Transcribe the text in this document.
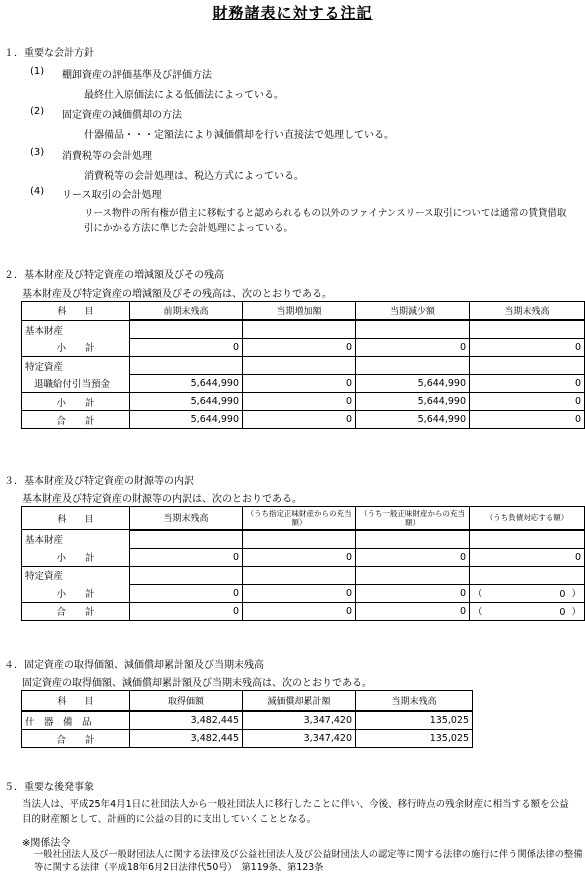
財務諸表に対する注記
１．重要な会計方針
(1) 棚卸資産の評価基準及び評価方法
最終仕入原価法による低価法によっている。
(2) 固定資産の減価償却の方法
什器備品・・・定額法により減価償却を行い直接法で処理している。
(3) 消費税等の会計処理
消費税等の会計処理は、税込方式によっている。
(4) リース取引の会計処理
リース物件の所有権が借主に移転すると認められるもの以外のファイナンスリース取引については通常の賃貸借取引にかかる方法に準じた会計処理によっている。
２．基本財産及び特定資産の増減額及びその残高
基本財産及び特定資産の増減額及びその残高は、次のとおりである。
科　　目	前期末残高	当期増加額	当期減少額	当期末残高
基本財産				
小　　計	0	0	0	0
特定資産				
退職給付引当預金	5,644,990	0	5,644,990	0
小　　計	5,644,990	0	5,644,990	0
合　　計	5,644,990	0	5,644,990	0
３．基本財産及び特定資産の財源等の内訳
基本財産及び特定資産の財源等の内訳は、次のとおりである。
科　　目	当期末残高	（うち指定正味財産からの充当額）	（うち一般正味財産からの充当額）	（うち負債対応する額）
基本財産				
小　　計	0	0	0	0
特定資産				
小　　計	0	0	0	（ 0 ）

合　　計	0	0	0	（ 0 ）
４．固定資産の取得価額、減価償却累計額及び当期末残高
固定資産の取得価額、減価償却累計額及び当期末残高は、次のとおりである。
科　　目	取得価額	減価償却累計額	当期末残高
什　器　備　品	3,482,445	3,347,420	135,025
合　　計	3,482,445	3,347,420	135,025
５．重要な後発事象
当法人は、平成25年4月1日に社団法人から一般社団法人に移行したことに伴い、今後、移行時点の残余財産に相当する額を公益目的財産額として、計画的に公益の目的に支出していくこととなる。
※関係法令
一般社団法人及び一般財団法人に関する法律及び公益社団法人及び公益財団法人の認定等に関する法律の施行に伴う関係法律の整備等に関する法律（平成18年6月2日法律代50号）　第119条、第123条
